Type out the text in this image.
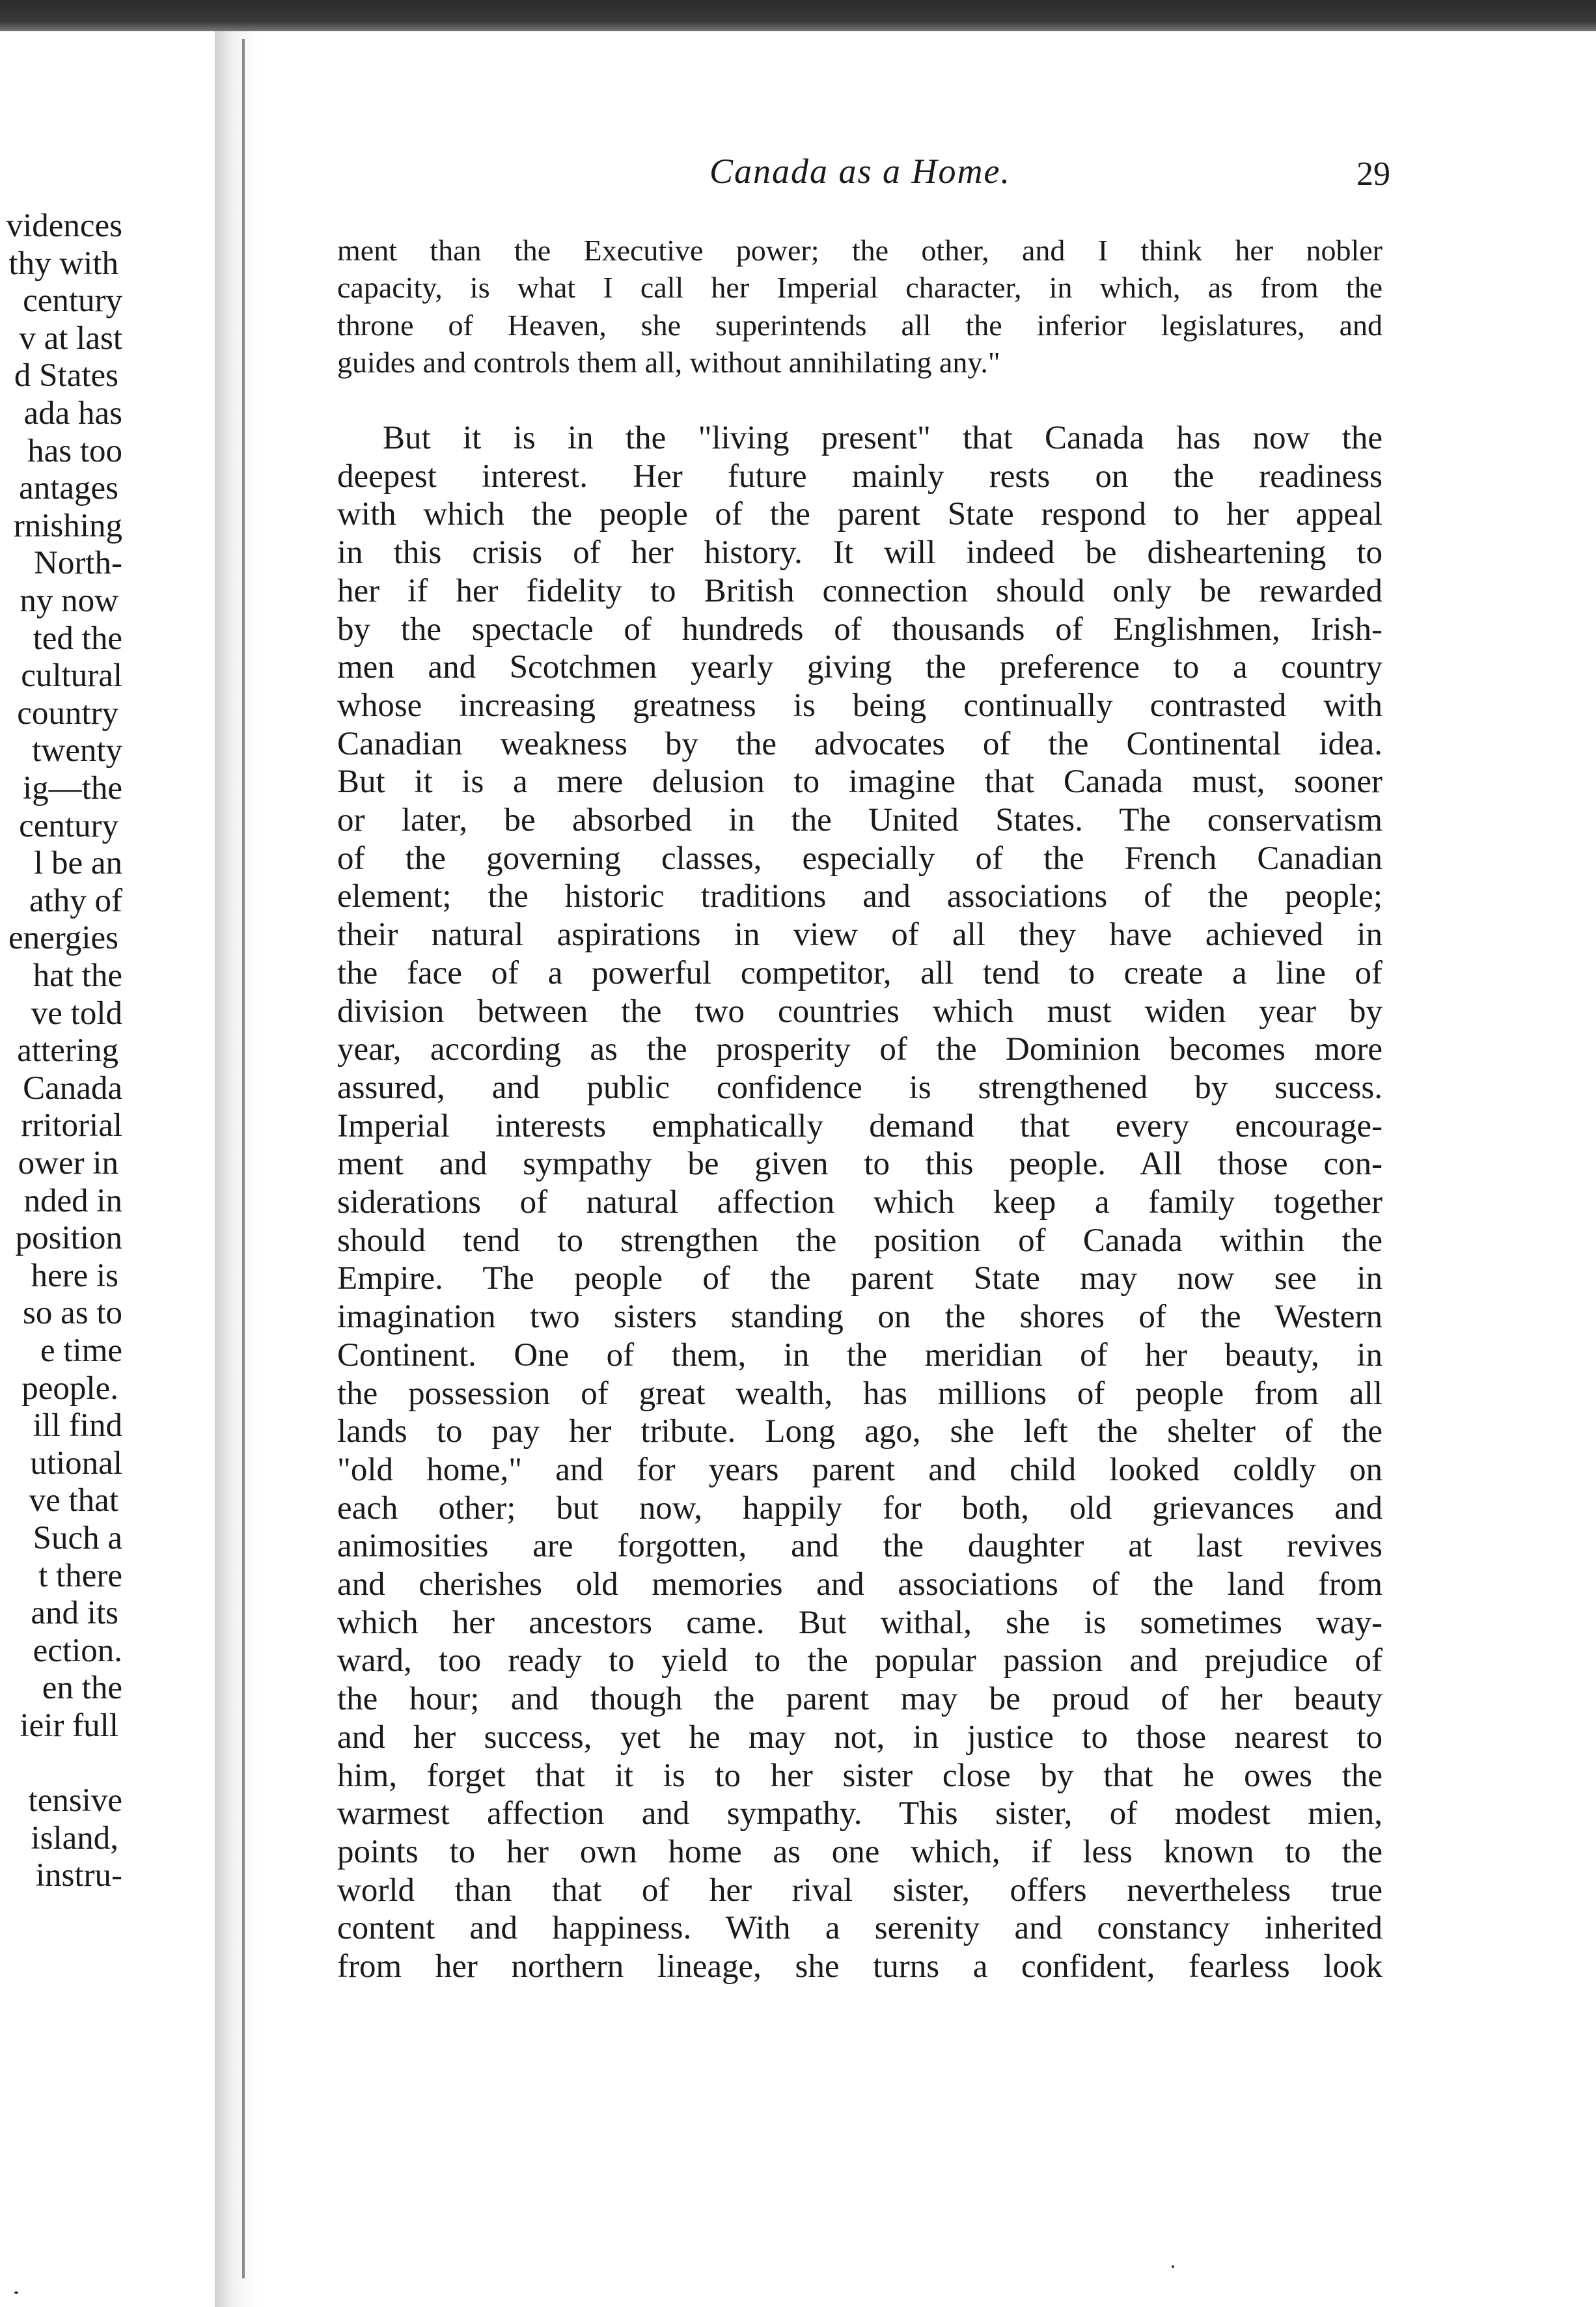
vidences
thy with
century
v at last
d States
ada has
has too
antages
rnishing
North-
ny now
ted the
cultural
country
twenty
ig—the
century
l be an
athy of
energies
hat the
ve told
attering
Canada
rritorial
ower in
nded in
position
here is
so as to
e time
people.
ill find
utional
ve that
Such a
t there
and its
ection.
en the
ieir full
tensive
island,
instru-
Canada as a Home.	29
ment than the Executive power; the other, and I think her nobler
capacity, is what I call her Imperial character, in which, as from the
throne of Heaven, she superintends all the inferior legislatures, and
guides and controls them all, without annihilating any."
But it is in the "living present" that Canada has now the
deepest interest. Her future mainly rests on the readiness
with which the people of the parent State respond to her appeal
in this crisis of her history. It will indeed be disheartening to
her if her fidelity to British connection should only be rewarded
by the spectacle of hundreds of thousands of Englishmen, Irish-
men and Scotchmen yearly giving the preference to a country
whose increasing greatness is being continually contrasted with
Canadian weakness by the advocates of the Continental idea.
But it is a mere delusion to imagine that Canada must, sooner
or later, be absorbed in the United States. The conservatism
of the governing classes, especially of the French Canadian
element; the historic traditions and associations of the people;
their natural aspirations in view of all they have achieved in
the face of a powerful competitor, all tend to create a line of
division between the two countries which must widen year by
year, according as the prosperity of the Dominion becomes more
assured, and public confidence is strengthened by success.
Imperial interests emphatically demand that every encourage-
ment and sympathy be given to this people. All those con-
siderations of natural affection which keep a family together
should tend to strengthen the position of Canada within the
Empire. The people of the parent State may now see in
imagination two sisters standing on the shores of the Western
Continent. One of them, in the meridian of her beauty, in
the possession of great wealth, has millions of people from all
lands to pay her tribute. Long ago, she left the shelter of the
"old home," and for years parent and child looked coldly on
each other; but now, happily for both, old grievances and
animosities are forgotten, and the daughter at last revives
and cherishes old memories and associations of the land from
which her ancestors came. But withal, she is sometimes way-
ward, too ready to yield to the popular passion and prejudice of
the hour; and though the parent may be proud of her beauty
and her success, yet he may not, in justice to those nearest to
him, forget that it is to her sister close by that he owes the
warmest affection and sympathy. This sister, of modest mien,
points to her own home as one which, if less known to the
world than that of her rival sister, offers nevertheless true
content and happiness. With a serenity and constancy inherited
from her northern lineage, she turns a confident, fearless look
